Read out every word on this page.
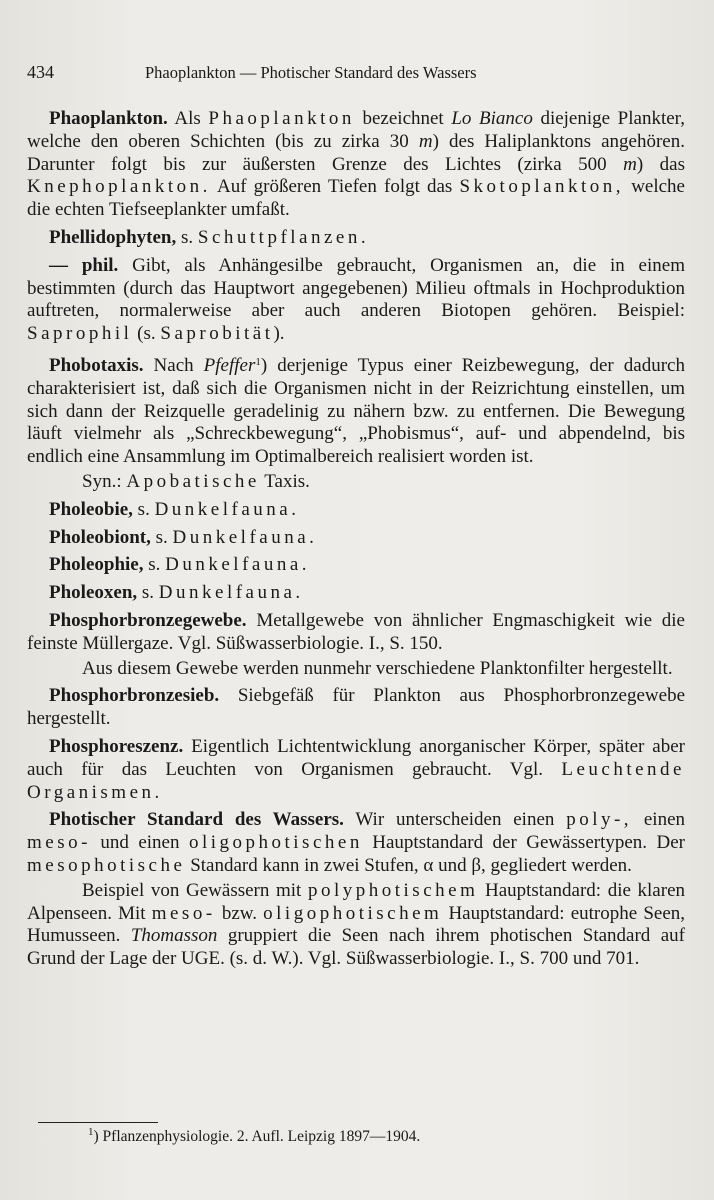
434	Phaoplankton — Photischer Standard des Wassers

Phaoplankton. Als Phaoplankton bezeichnet Lo Bianco diejenige Plankter, welche den oberen Schichten (bis zu zirka 30 m) des Haliplanktons angehören. Darunter folgt bis zur äußersten Grenze des Lichtes (zirka 500 m) das Knephoplankton. Auf größeren Tiefen folgt das Skotoplankton, welche die echten Tiefseeplankter umfaßt.

Phellidophyten, s. Schuttpflanzen.

— phil. Gibt, als Anhängesilbe gebraucht, Organismen an, die in einem bestimmten (durch das Hauptwort angegebenen) Milieu oftmals in Hochproduktion auftreten, normalerweise aber auch anderen Biotopen gehören. Beispiel: Saprophil (s. Saprobität).

Phobotaxis. Nach Pfeffer$^1$) derjenige Typus einer Reizbewegung, der dadurch charakterisiert ist, daß sich die Organismen nicht in der Reizrichtung einstellen, um sich dann der Reizquelle geradelinig zu nähern bzw. zu entfernen. Die Bewegung läuft vielmehr als „Schreckbewegung“, „Phobismus“, auf- und abpendelnd, bis endlich eine Ansammlung im Optimalbereich realisiert worden ist.

Syn.: Apobatische Taxis.

Pholeobie, s. Dunkelfauna.

Pholeobiont, s. Dunkelfauna.

Pholeophie, s. Dunkelfauna.

Pholeoxen, s. Dunkelfauna.

Phosphorbronzegewebe. Metallgewebe von ähnlicher Engmaschigkeit wie die feinste Müllergaze. Vgl. Süßwasserbiologie. I., S. 150.

Aus diesem Gewebe werden nunmehr verschiedene Planktonfilter hergestellt.

Phosphorbronzesieb. Siebgefäß für Plankton aus Phosphorbronzegewebe hergestellt.

Phosphoreszenz. Eigentlich Lichtentwicklung anorganischer Körper, später aber auch für das Leuchten von Organismen gebraucht. Vgl. Leuchtende Organismen.

Photischer Standard des Wassers. Wir unterscheiden einen poly-, einen meso- und einen oligophotischen Hauptstandard der Gewässertypen. Der mesophotische Standard kann in zwei Stufen, α und β, gegliedert werden.

Beispiel von Gewässern mit polyphotischem Hauptstandard: die klaren Alpenseen. Mit meso- bzw. oligophotischem Hauptstandard: eutrophe Seen, Humusseen. Thomasson gruppiert die Seen nach ihrem photischen Standard auf Grund der Lage der UGE. (s. d. W.). Vgl. Süßwasserbiologie. I., S. 700 und 701.

$^1$) Pflanzenphysiologie. 2. Aufl. Leipzig 1897—1904.
